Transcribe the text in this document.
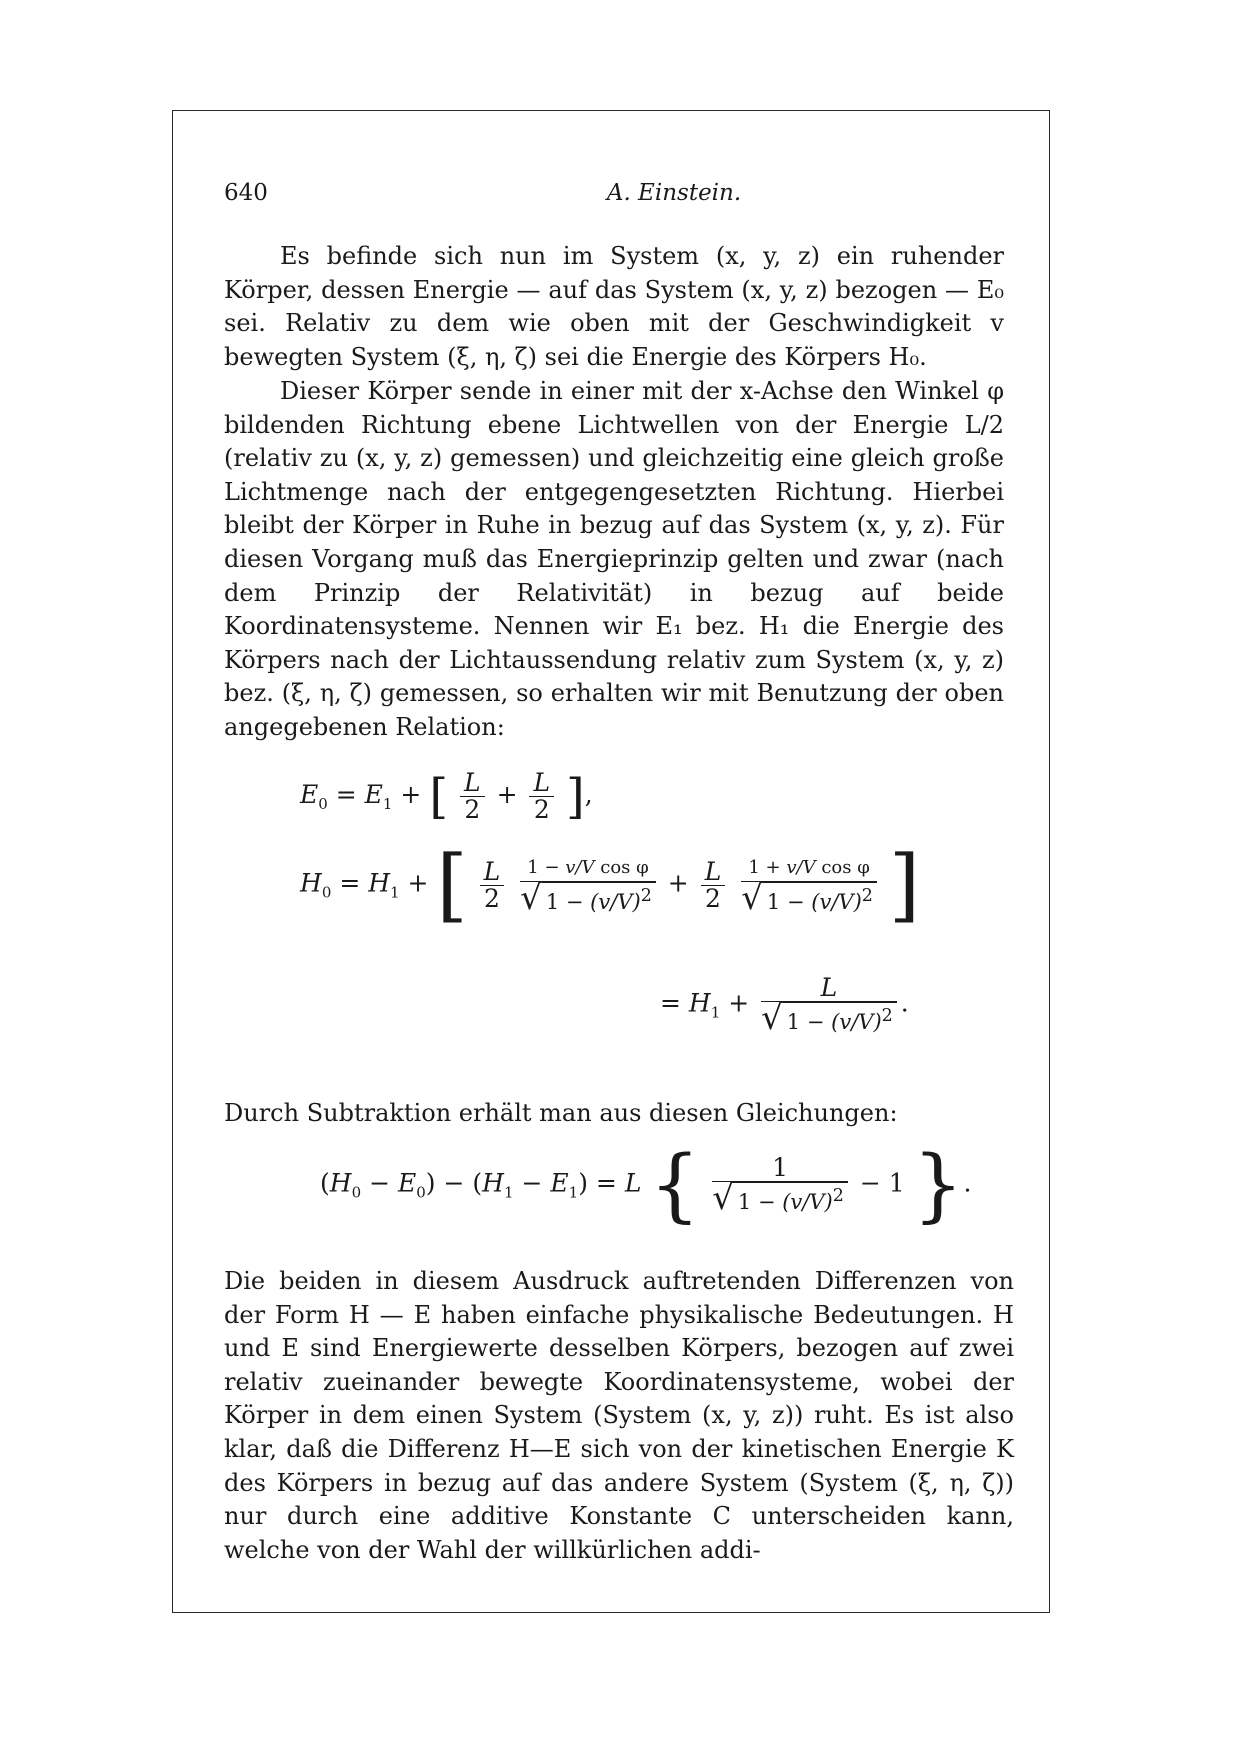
640	A. Einstein.

Es befinde sich nun im System (x, y, z) ein ruhender Körper, dessen Energie — auf das System (x, y, z) bezogen — E₀ sei. Relativ zu dem wie oben mit der Geschwindigkeit v bewegten System (ξ, η, ζ) sei die Energie des Körpers H₀.

Dieser Körper sende in einer mit der x-Achse den Winkel φ bildenden Richtung ebene Lichtwellen von der Energie L/2 (relativ zu (x, y, z) gemessen) und gleichzeitig eine gleich große Lichtmenge nach der entgegengesetzten Richtung. Hierbei bleibt der Körper in Ruhe in bezug auf das System (x, y, z). Für diesen Vorgang muß das Energieprinzip gelten und zwar (nach dem Prinzip der Relativität) in bezug auf beide Koordinatensysteme. Nennen wir E₁ bez. H₁ die Energie des Körpers nach der Lichtaussendung relativ zum System (x, y, z) bez. (ξ, η, ζ) gemessen, so erhalten wir mit Benutzung der oben angegebenen Relation:

$E_0 = E_1$ + [ $\frac{L}{2} + \frac{L}{2}$ ],
$H_0 = H_1$ + [ $\frac{L}{2}$
$\frac{\text{1 − v/V cos φ}}{√ 1 - (v/V)^2} + \frac{L}{2}$
$\frac{\text{1 + v/V cos φ}}{√ 1 - (v/V)^2}$ ]
= $H_1 + \frac{L}{√ 1 - (v/V)^2}$ .

Durch Subtraktion erhält man aus diesen Gleichungen:

$(H_0 - E_0) - (H_1 - E_1) = L$ { $\frac{1}{√ 1 - (v/V)^2} - 1$ }.

Die beiden in diesem Ausdruck auftretenden Differenzen von der Form H — E haben einfache physikalische Bedeutungen. H und E sind Energiewerte desselben Körpers, bezogen auf zwei relativ zueinander bewegte Koordinatensysteme, wobei der Körper in dem einen System (System (x, y, z)) ruht. Es ist also klar, daß die Differenz H—E sich von der kinetischen Energie K des Körpers in bezug auf das andere System (System (ξ, η, ζ)) nur durch eine additive Konstante C unterscheiden kann, welche von der Wahl der willkürlichen addi-
